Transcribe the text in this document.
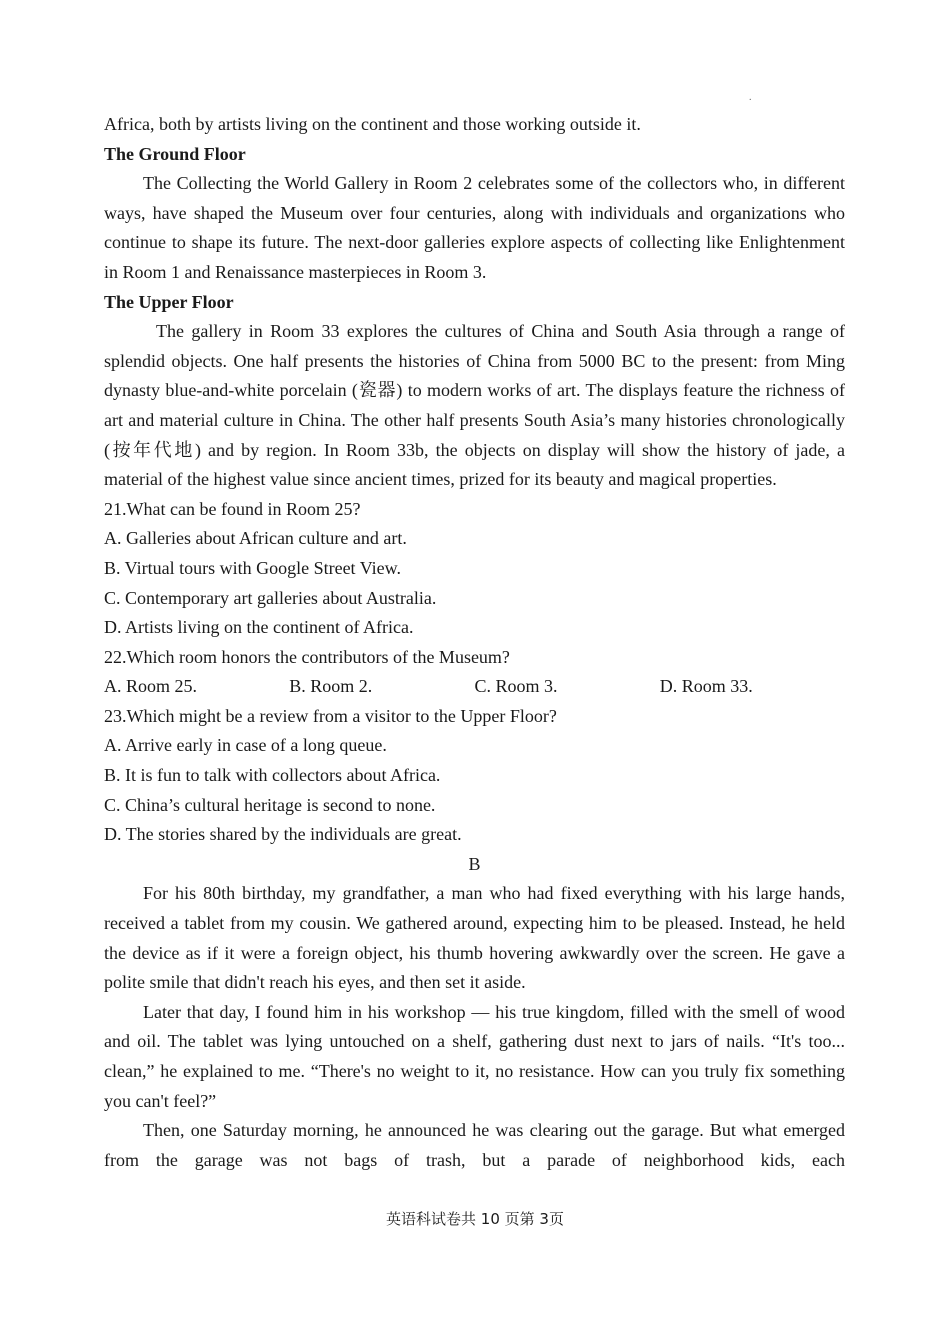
.

Africa, both by artists living on the continent and those working outside it.

The Ground Floor

The Collecting the World Gallery in Room 2 celebrates some of the collectors who, in different ways, have shaped the Museum over four centuries, along with individuals and organizations who continue to shape its future. The next-door galleries explore aspects of collecting like Enlightenment in Room 1 and Renaissance masterpieces in Room 3.

The Upper Floor

The gallery in Room 33 explores the cultures of China and South Asia through a range of splendid objects. One half presents the histories of China from 5000 BC to the present: from Ming dynasty blue-and-white porcelain (瓷器) to modern works of art. The displays feature the richness of art and material culture in China. The other half presents South Asia’s many histories chronologically (按年代地) and by region. In Room 33b, the objects on display will show the history of jade, a material of the highest value since ancient times, prized for its beauty and magical properties.

21.What can be found in Room 25?

A. Galleries about African culture and art.

B. Virtual tours with Google Street View.

C. Contemporary art galleries about Australia.

D. Artists living on the continent of Africa.

22.Which room honors the contributors of the Museum?

A. Room 25.	B. Room 2.	C. Room 3.	D. Room 33.

23.Which might be a review from a visitor to the Upper Floor?

A. Arrive early in case of a long queue.

B. It is fun to talk with collectors about Africa.

C. China’s cultural heritage is second to none.

D. The stories shared by the individuals are great.

B

For his 80th birthday, my grandfather, a man who had fixed everything with his large hands, received a tablet from my cousin. We gathered around, expecting him to be pleased. Instead, he held the device as if it were a foreign object, his thumb hovering awkwardly over the screen. He gave a polite smile that didn't reach his eyes, and then set it aside.

Later that day, I found him in his workshop — his true kingdom, filled with the smell of wood and oil. The tablet was lying untouched on a shelf, gathering dust next to jars of nails. “It's too... clean,” he explained to me. “There's no weight to it, no resistance. How can you truly fix something you can't feel?”

Then, one Saturday morning, he announced he was clearing out the garage. But what emerged from the garage was not bags of trash, but a parade of neighborhood kids, each

英语科试卷共 10 页第 3页
